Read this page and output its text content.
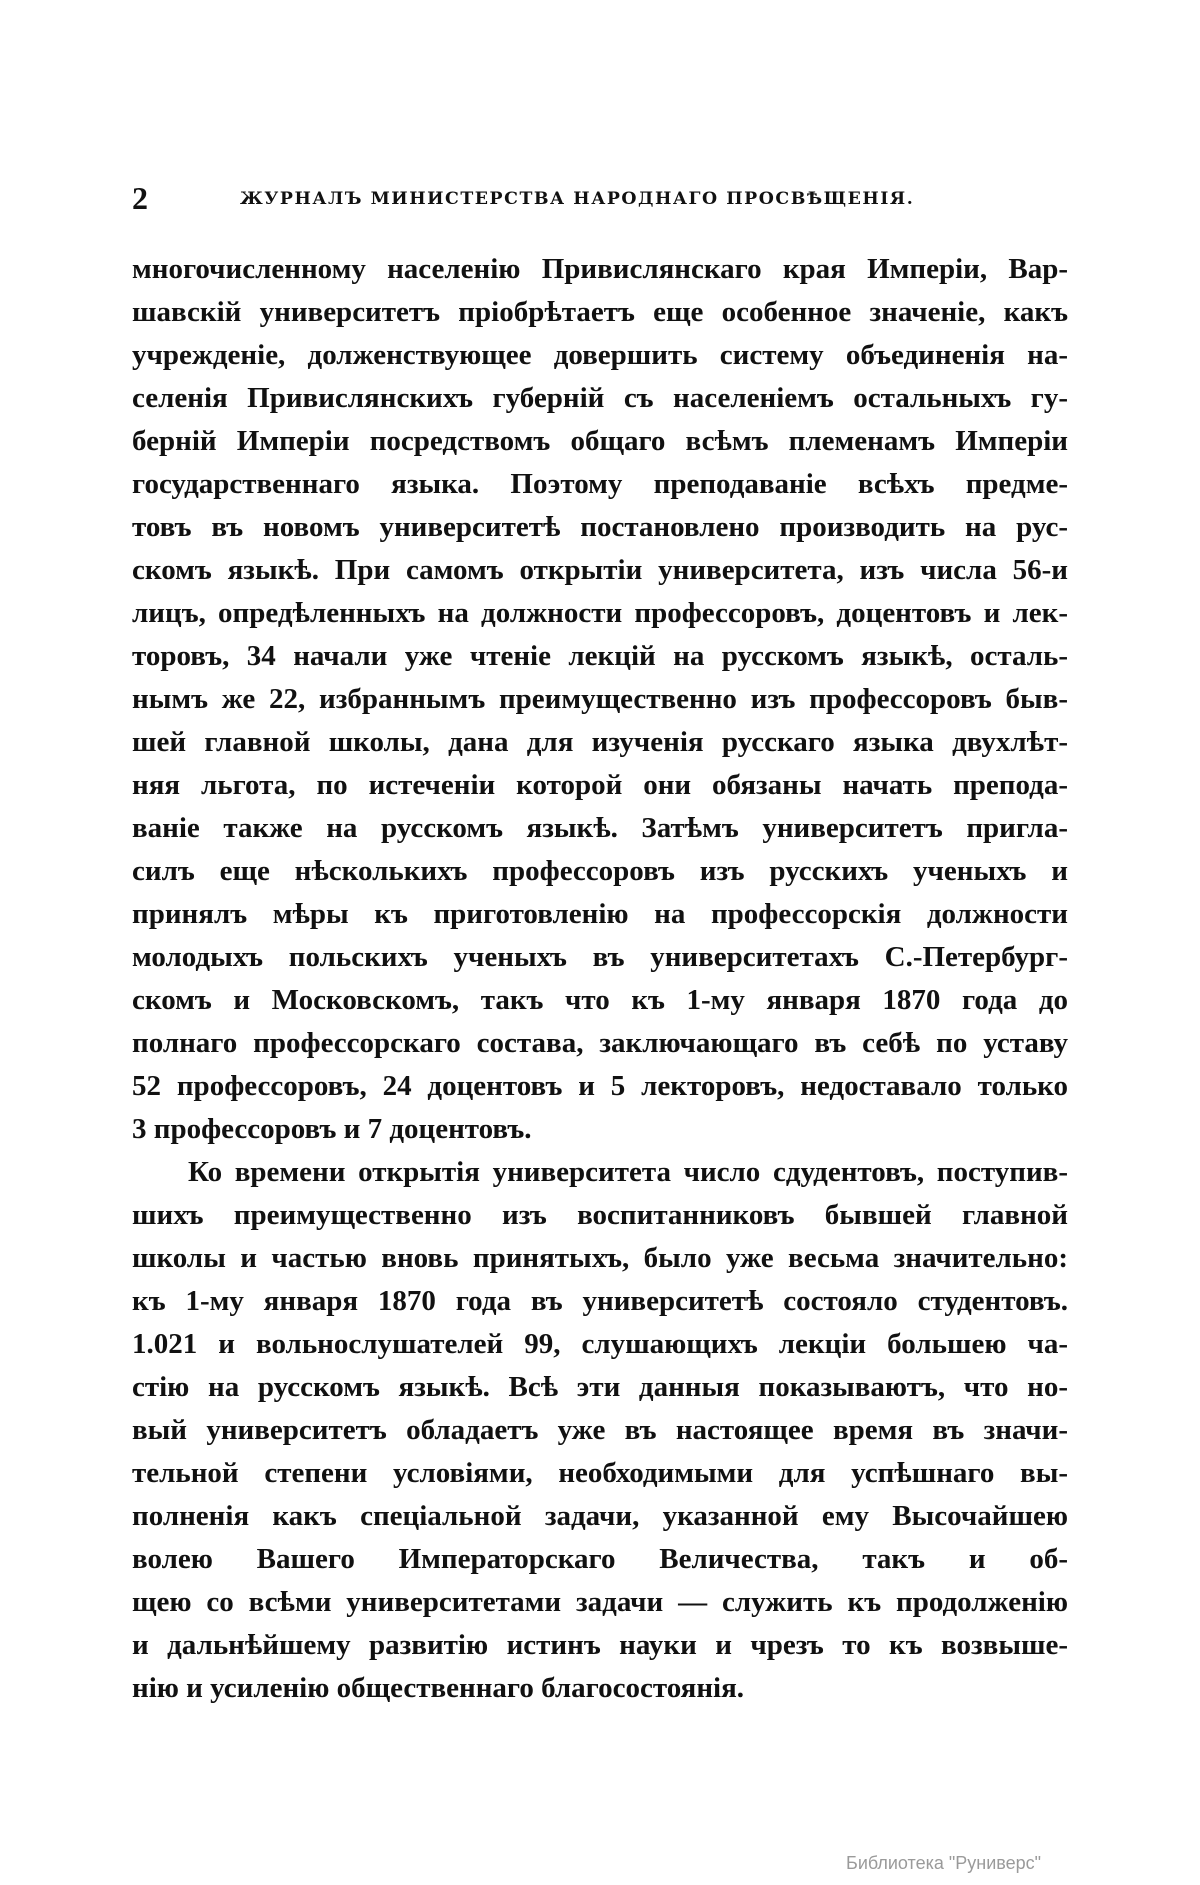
2	ЖУРНАЛЪ МИНИСТЕРСТВА НАРОДНАГО ПРОСВѢЩЕНІЯ.
многочисленному населенію Привислянскаго края Имперіи, Вар-
шавскій университетъ пріобрѣтаетъ еще особенное значеніе, какъ
учрежденіе, долженствующее довершить систему объединенія на-
селенія Привислянскихъ губерній съ населеніемъ остальныхъ гу-
берній Имперіи посредствомъ общаго всѣмъ племенамъ Имперіи
государственнаго языка. Поэтому преподаваніе всѣхъ предме-
товъ въ новомъ университетѣ постановлено производить на рус-
скомъ языкѣ. При самомъ открытіи университета, изъ числа 56-и
лицъ, опредѣленныхъ на должности профессоровъ, доцентовъ и лек-
торовъ, 34 начали уже чтеніе лекцій на русскомъ языкѣ, осталь-
нымъ же 22, избраннымъ преимущественно изъ профессоровъ быв-
шей главной школы, дана для изученія русскаго языка двухлѣт-
няя льгота, по истеченіи которой они обязаны начать препода-
ваніе также на русскомъ языкѣ. Затѣмъ университетъ пригла-
силъ еще нѣсколькихъ профессоровъ изъ русскихъ ученыхъ и
принялъ мѣры къ приготовленію на профессорскія должности
молодыхъ польскихъ ученыхъ въ университетахъ С.-Петербург-
скомъ и Московскомъ, такъ что къ 1-му января 1870 года до
полнаго профессорскаго состава, заключающаго въ себѣ по уставу
52 профессоровъ, 24 доцентовъ и 5 лекторовъ, недоставало только
3 профессоровъ и 7 доцентовъ.
Ко времени открытія университета число сдудентовъ, поступив-
шихъ преимущественно изъ воспитанниковъ бывшей главной
школы и частью вновь принятыхъ, было уже весьма значительно:
къ 1-му января 1870 года въ университетѣ состояло студентовъ.
1.021 и вольнослушателей 99, слушающихъ лекціи большею ча-
стію на русскомъ языкѣ. Всѣ эти данныя показываютъ, что но-
вый университетъ обладаетъ уже въ настоящее время въ значи-
тельной степени условіями, необходимыми для успѣшнаго вы-
полненія какъ спеціальной задачи, указанной ему Высочайшею
волею Вашего Императорскаго Величества, такъ и об-
щею со всѣми университетами задачи — служить къ продолженію
и дальнѣйшему развитію истинъ науки и чрезъ то къ возвыше-
нію и усиленію общественнаго благосостоянія.
Библиотека "Руниверс"
